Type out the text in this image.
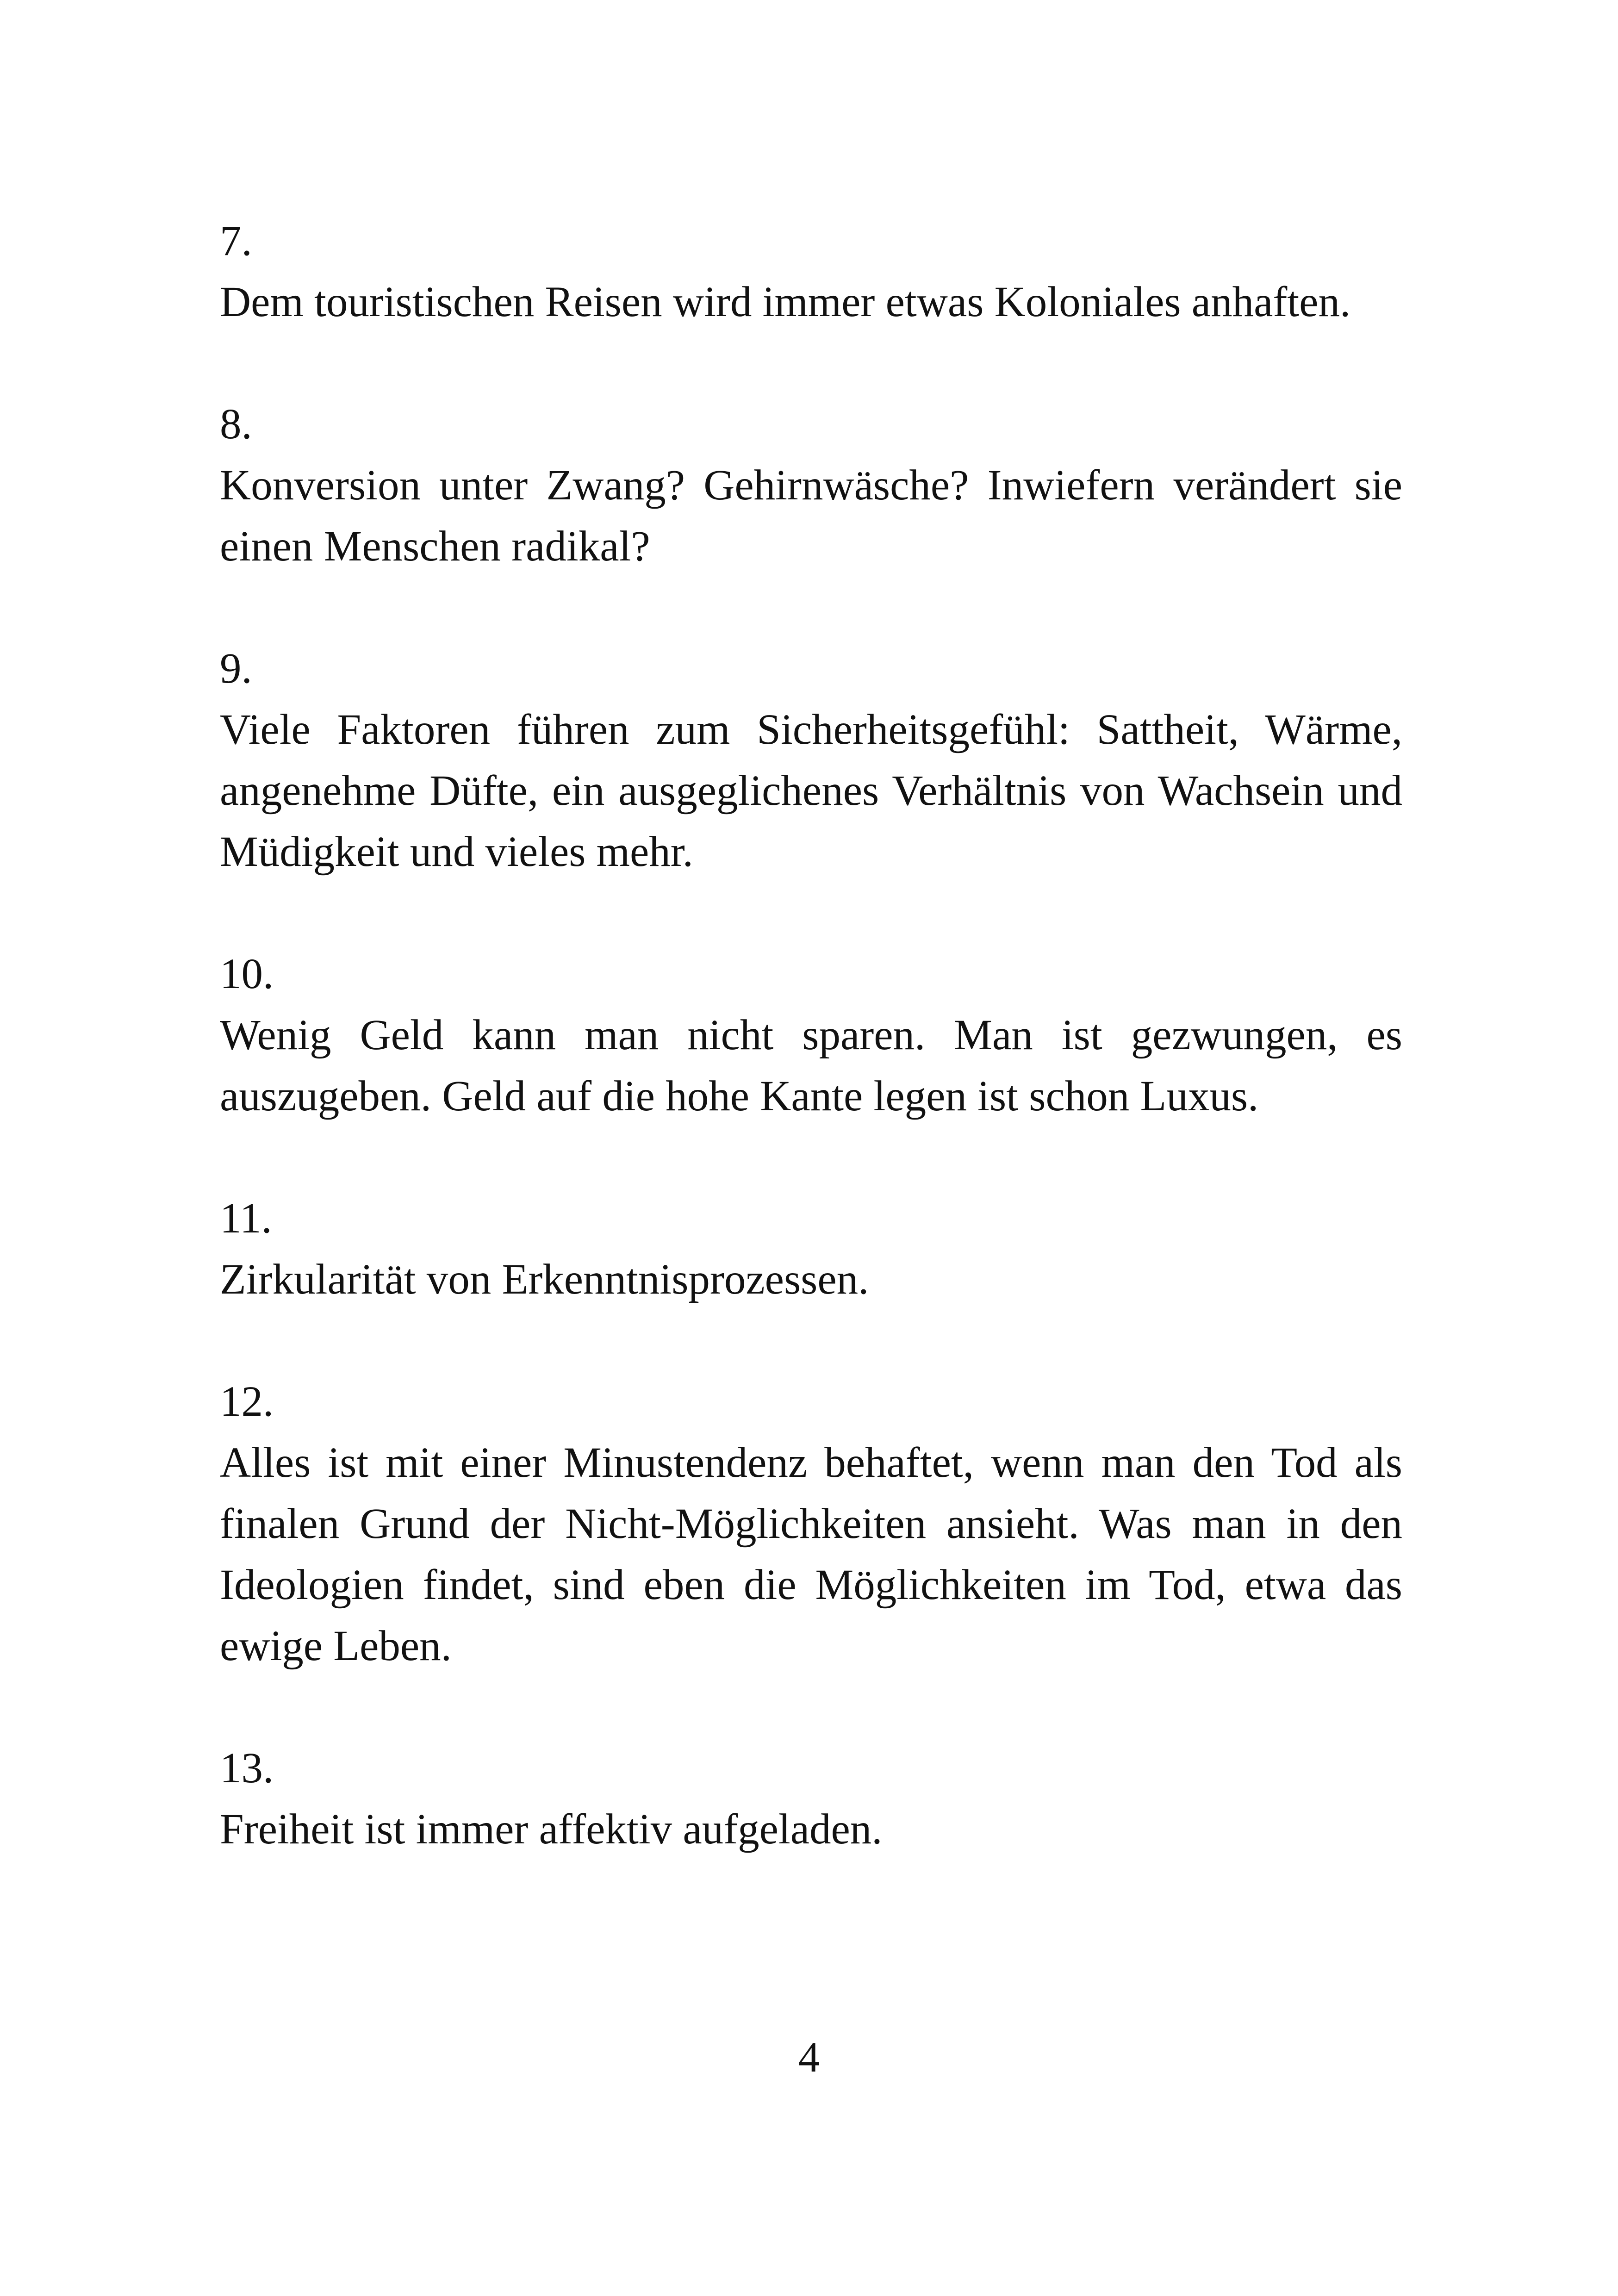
7.
Dem touristischen Reisen wird immer etwas Koloniales anhaften.
8.
Konversion unter Zwang? Gehirnwäsche? Inwiefern verändert sie einen Menschen radikal?
9.
Viele Faktoren führen zum Sicherheitsgefühl: Sattheit, Wärme, angenehme Düfte, ein ausgeglichenes Verhältnis von Wachsein und Müdigkeit und vieles mehr.
10.
Wenig Geld kann man nicht sparen. Man ist gezwungen, es auszugeben. Geld auf die hohe Kante legen ist schon Luxus.
11.
Zirkularität von Erkenntnisprozessen.
12.
Alles ist mit einer Minustendenz behaftet, wenn man den Tod als finalen Grund der Nicht-Möglichkeiten ansieht. Was man in den Ideologien findet, sind eben die Möglichkeiten im Tod, etwa das ewige Leben.
13.
Freiheit ist immer affektiv aufgeladen.
4
